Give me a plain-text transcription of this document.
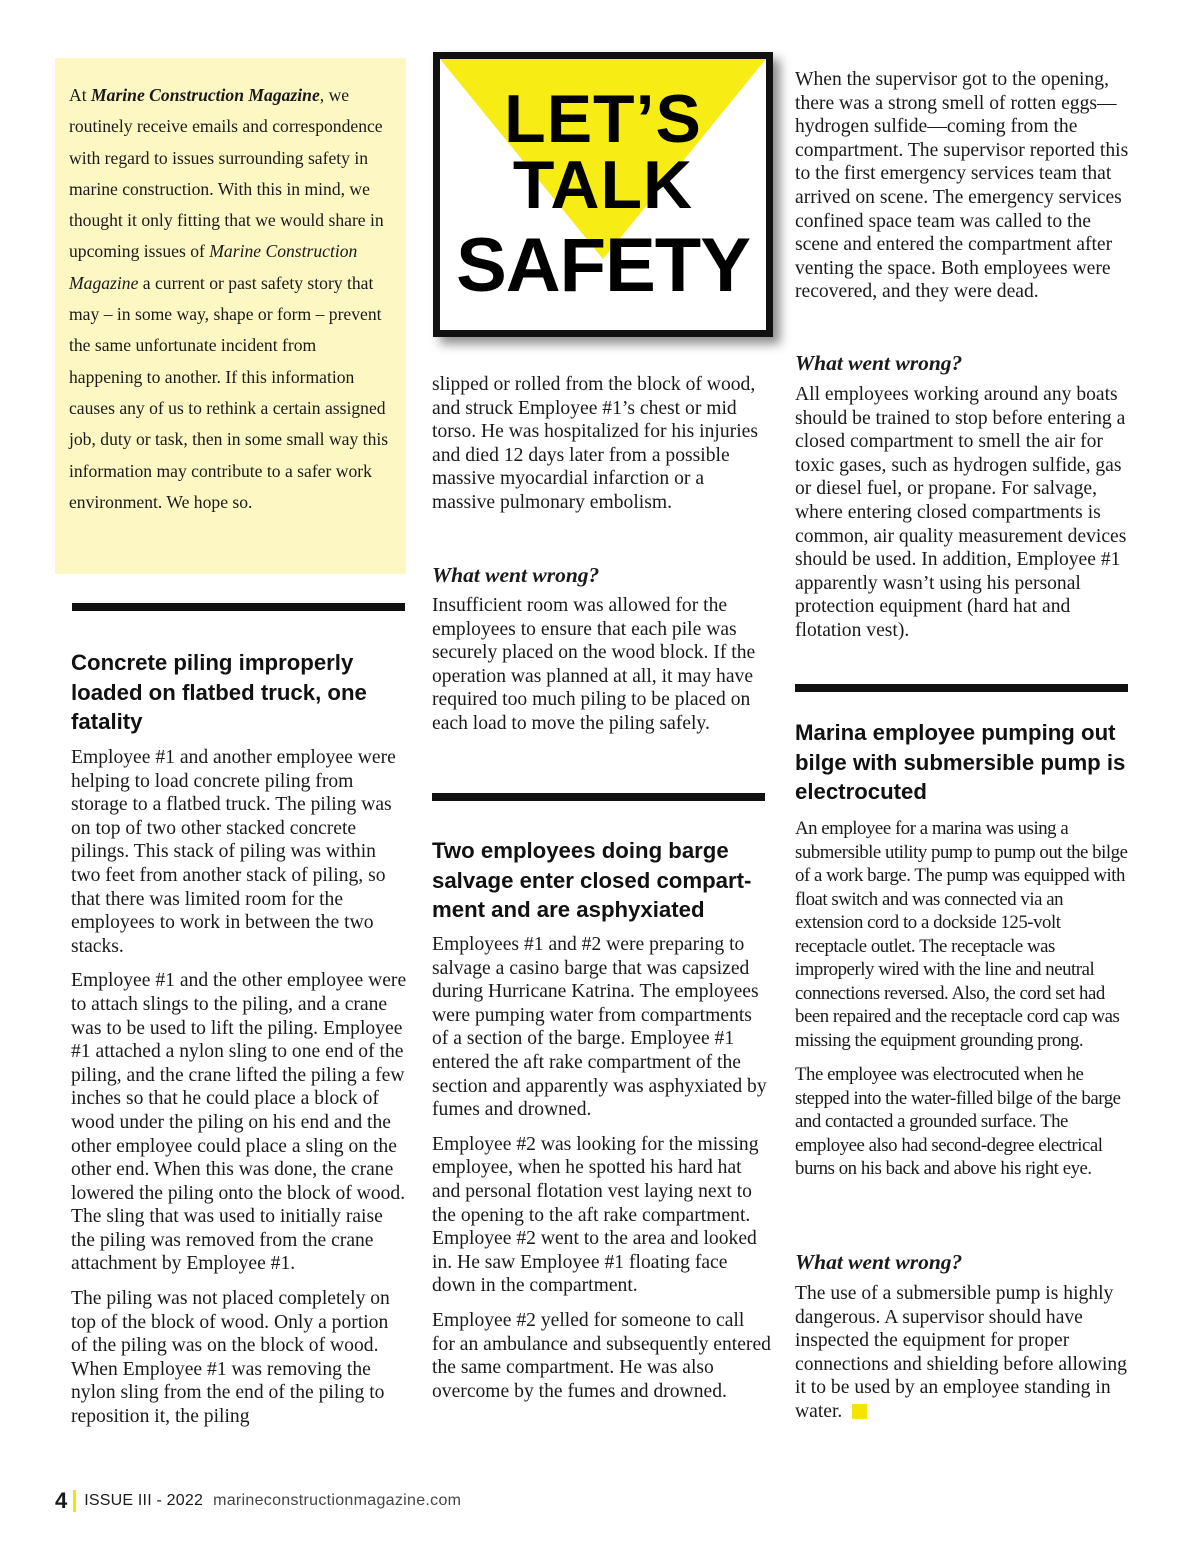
At Marine Construction Magazine, we routinely receive emails and correspondence with regard to issues surrounding safety in marine construction. With this in mind, we thought it only fitting that we would share in upcoming issues of Marine Construction Magazine a current or past safety story that may – in some way, shape or form – prevent the same unfortunate incident from happening to another. If this information causes any of us to rethink a certain assigned job, duty or task, then in some small way this information may contribute to a safer work environment. We hope so.

LET’S
TALK
SAFETY
Concrete piling improperly loaded on flatbed truck, one fatality

Employee #1 and another employee were helping to load concrete piling from storage to a flatbed truck. The piling was on top of two other stacked concrete pilings. This stack of piling was within two feet from another stack of piling, so that there was limited room for the employees to work in between the two stacks.

Employee #1 and the other employee were to attach slings to the piling, and a crane was to be used to lift the piling. Employee #1 attached a nylon sling to one end of the piling, and the crane lifted the piling a few inches so that he could place a block of wood under the piling on his end and the other employee could place a sling on the other end. When this was done, the crane lowered the piling onto the block of wood. The sling that was used to initially raise the piling was removed from the crane attachment by Employee #1.

The piling was not placed completely on top of the block of wood. Only a portion of the piling was on the block of wood. When Employee #1 was removing the nylon sling from the end of the piling to reposition it, the piling

slipped or rolled from the block of wood, and struck Employee #1’s chest or mid torso. He was hospitalized for his injuries and died 12 days later from a possible massive myocardial infarction or a massive pulmonary embolism.

What went wrong?

Insufficient room was allowed for the employees to ensure that each pile was securely placed on the wood block. If the operation was planned at all, it may have required too much piling to be placed on each load to move the piling safely.

Two employees doing barge salvage enter closed compartment and are asphyxiated

Employees #1 and #2 were preparing to salvage a casino barge that was capsized during Hurricane Katrina. The employees were pumping water from compartments of a section of the barge. Employee #1 entered the aft rake compartment of the section and apparently was asphyxiated by fumes and drowned.

Employee #2 was looking for the missing employee, when he spotted his hard hat and personal flotation vest laying next to the opening to the aft rake compartment. Employee #2 went to the area and looked in. He saw Employee #1 floating face down in the compartment.

Employee #2 yelled for someone to call for an ambulance and subsequently entered the same compartment. He was also overcome by the fumes and drowned.

When the supervisor got to the opening, there was a strong smell of rotten eggs—hydrogen sulfide—coming from the compartment. The supervisor reported this to the first emergency services team that arrived on scene. The emergency services confined space team was called to the scene and entered the compartment after venting the space. Both employees were recovered, and they were dead.

What went wrong?

All employees working around any boats should be trained to stop before entering a closed compartment to smell the air for toxic gases, such as hydrogen sulfide, gas or diesel fuel, or propane. For salvage, where entering closed compartments is common, air quality measurement devices should be used. In addition, Employee #1 apparently wasn’t using his personal protection equipment (hard hat and flotation vest).

Marina employee pumping out bilge with submersible pump is electrocuted

An employee for a marina was using a submersible utility pump to pump out the bilge of a work barge. The pump was equipped with float switch and was connected via an extension cord to a dockside 125-volt receptacle outlet. The receptacle was improperly wired with the line and neutral connections reversed. Also, the cord set had been repaired and the receptacle cord cap was missing the equipment grounding prong.

The employee was electrocuted when he stepped into the water-filled bilge of the barge and contacted a grounded surface. The employee also had second-degree electrical burns on his back and above his right eye.

What went wrong?

The use of a submersible pump is highly dangerous. A supervisor should have inspected the equipment for proper connections and shielding before allowing it to be used by an employee standing in water.

4 ISSUE III - 2022 marineconstructionmagazine.com
